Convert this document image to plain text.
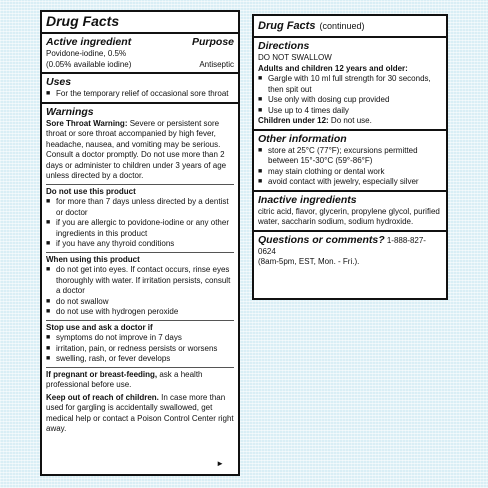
Drug Facts
Active ingredient	Purpose
Povidone-iodine, 0.5%
(0.05% available iodine)	Antiseptic
Uses
■ For the temporary relief of occasional sore throat
Warnings
Sore Throat Warning: Severe or persistent sore throat or sore throat accompanied by high fever, headache, nausea, and vomiting may be serious. Consult a doctor promptly. Do not use more than 2 days or administer to children under 3 years of age unless directed by a doctor.
Do not use this product
■ for more than 7 days unless directed by a dentist or doctor
■ if you are allergic to povidone-iodine or any other ingredients in this product
■ if you have any thyroid conditions
When using this product
■ do not get into eyes. If contact occurs, rinse eyes thoroughly with water. If irritation persists, consult a doctor
■ do not swallow
■ do not use with hydrogen peroxide
Stop use and ask a doctor if
■ symptoms do not improve in 7 days
■ irritation, pain, or redness persists or worsens
■ swelling, rash, or fever develops
If pregnant or breast-feeding, ask a health professional before use.
Keep out of reach of children. In case more than used for gargling is accidentally swallowed, get medical help or contact a Poison Control Center right away.
►
Drug Facts (continued)
Directions
DO NOT SWALLOW
Adults and children 12 years and older:
■ Gargle with 10 ml full strength for 30 seconds, then spit out
■ Use only with dosing cup provided
■ Use up to 4 times daily
Children under 12: Do not use.
Other information
■ store at 25°C (77°F); excursions permitted between 15°-30°C (59°-86°F)
■ may stain clothing or dental work
■ avoid contact with jewelry, especially silver
Inactive ingredients
citric acid, flavor, glycerin, propylene glycol, purified water, saccharin sodium, sodium hydroxide.
Questions or comments? 1-888-827-0624
(8am-5pm, EST, Mon. - Fri.).
